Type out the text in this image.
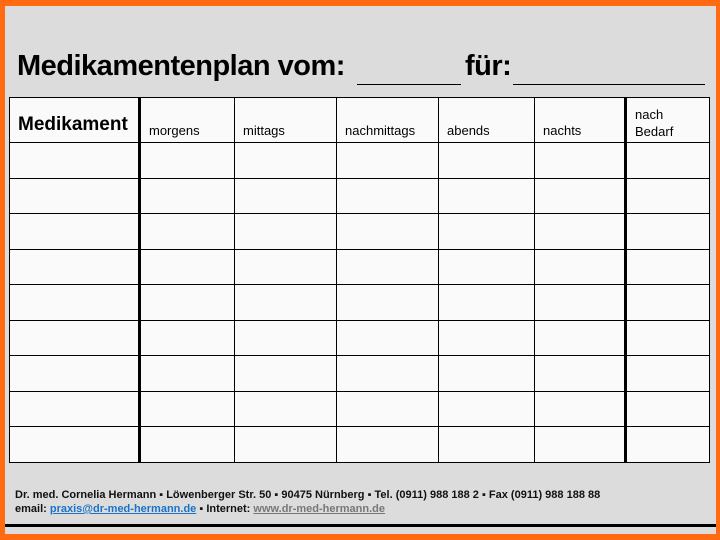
Medikamentenplan vom:	für:
Medikament	morgens	mittags	nachmittags	abends	nachts	nach
Bedarf

Dr. med. Cornelia Hermann ▪ Löwenberger Str. 50 ▪ 90475 Nürnberg ▪ Tel. (0911) 988 188 2 ▪ Fax (0911) 988 188 88
email: praxis@dr-med-hermann.de ▪ Internet: www.dr-med-hermann.de
